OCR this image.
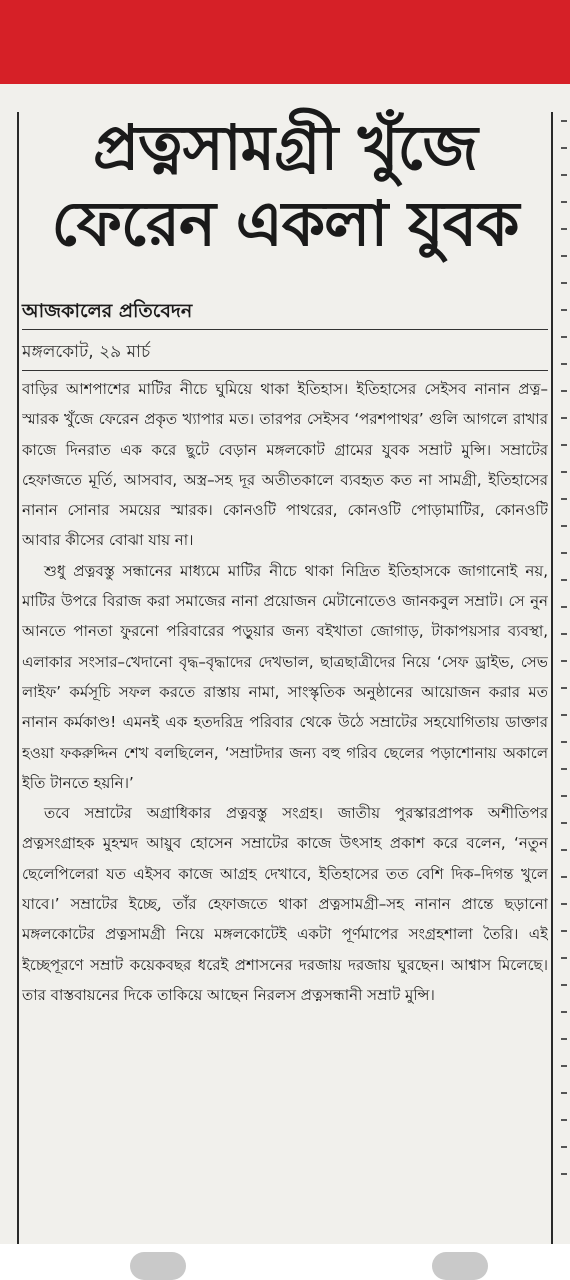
প্রত্নসামগ্রী খুঁজে
ফেরেন একলা যুবক
আজকালের প্রতিবেদন
মঙ্গলকোট, ২৯ মার্চ

বাড়ির আশপাশের মাটির নীচে ঘুমিয়ে থাকা ইতিহাস। ইতিহাসের সেইসব নানান প্রত্ন–স্মারক খুঁজে ফেরেন প্রকৃত খ্যাপার মত। তারপর সেইসব ‘পরশপাথর’ গুলি আগলে রাখার কাজে দিনরাত এক করে ছুটে বেড়ান মঙ্গলকোট গ্রামের যুবক সম্রাট মুন্সি। সম্রাটের হেফাজতে মূর্তি, আসবাব, অস্ত্র–সহ দূর অতীতকালে ব্যবহৃত কত না সামগ্রী, ইতিহাসের নানান সোনার সময়ের স্মারক। কোনওটি পাথরের, কোনওটি পোড়ামাটির, কোনওটি আবার কীসের বোঝা যায় না।

শুধু প্রত্নবস্তু সন্ধানের মাধ্যমে মাটির নীচে থাকা নিদ্রিত ইতিহাসকে জাগানোই নয়, মাটির উপরে বিরাজ করা সমাজের নানা প্রয়োজন মেটানোতেও জানকবুল সম্রাট। সে নুন আনতে পানতা ফুরনো পরিবারের পড়ুয়ার জন্য বইখাতা জোগাড়, টাকাপয়সার ব্যবস্থা, এলাকার সংসার–খেদানো বৃদ্ধ–বৃদ্ধাদের দেখভাল, ছাত্রছাত্রীদের নিয়ে ‘সেফ ড্রাইভ, সেভ লাইফ’ কর্মসূচি সফল করতে রাস্তায় নামা, সাংস্কৃতিক অনুষ্ঠানের আয়োজন করার মত নানান কর্মকাণ্ড! এমনই এক হতদরিদ্র পরিবার থেকে উঠে সম্রাটের সহযোগিতায় ডাক্তার হওয়া ফকরুদ্দিন শেখ বলছিলেন, ‘সম্রাটদার জন্য বহু গরিব ছেলের পড়াশোনায় অকালে ইতি টানতে হয়নি।’

তবে সম্রাটের অগ্রাধিকার প্রত্নবস্তু সংগ্রহ। জাতীয় পুরস্কারপ্রাপক অশীতিপর প্রত্নসংগ্রাহক মুহম্মদ আয়ুব হোসেন সম্রাটের কাজে উৎসাহ প্রকাশ করে বলেন, ‘নতুন ছেলেপিলেরা যত এইসব কাজে আগ্রহ দেখাবে, ইতিহাসের তত বেশি দিক–দিগন্ত খুলে যাবে।’ সম্রাটের ইচ্ছে, তাঁর হেফাজতে থাকা প্রত্নসামগ্রী–সহ নানান প্রান্তে ছড়ানো মঙ্গলকোটের প্রত্নসামগ্রী নিয়ে মঙ্গলকোটেই একটা পূর্ণমাপের সংগ্রহশালা তৈরি। এই ইচ্ছেপূরণে সম্রাট কয়েকবছর ধরেই প্রশাসনের দরজায় দরজায় ঘুরছেন। আশ্বাস মিলেছে। তার বাস্তবায়নের দিকে তাকিয়ে আছেন নিরলস প্রত্নসন্ধানী সম্রাট মুন্সি।
